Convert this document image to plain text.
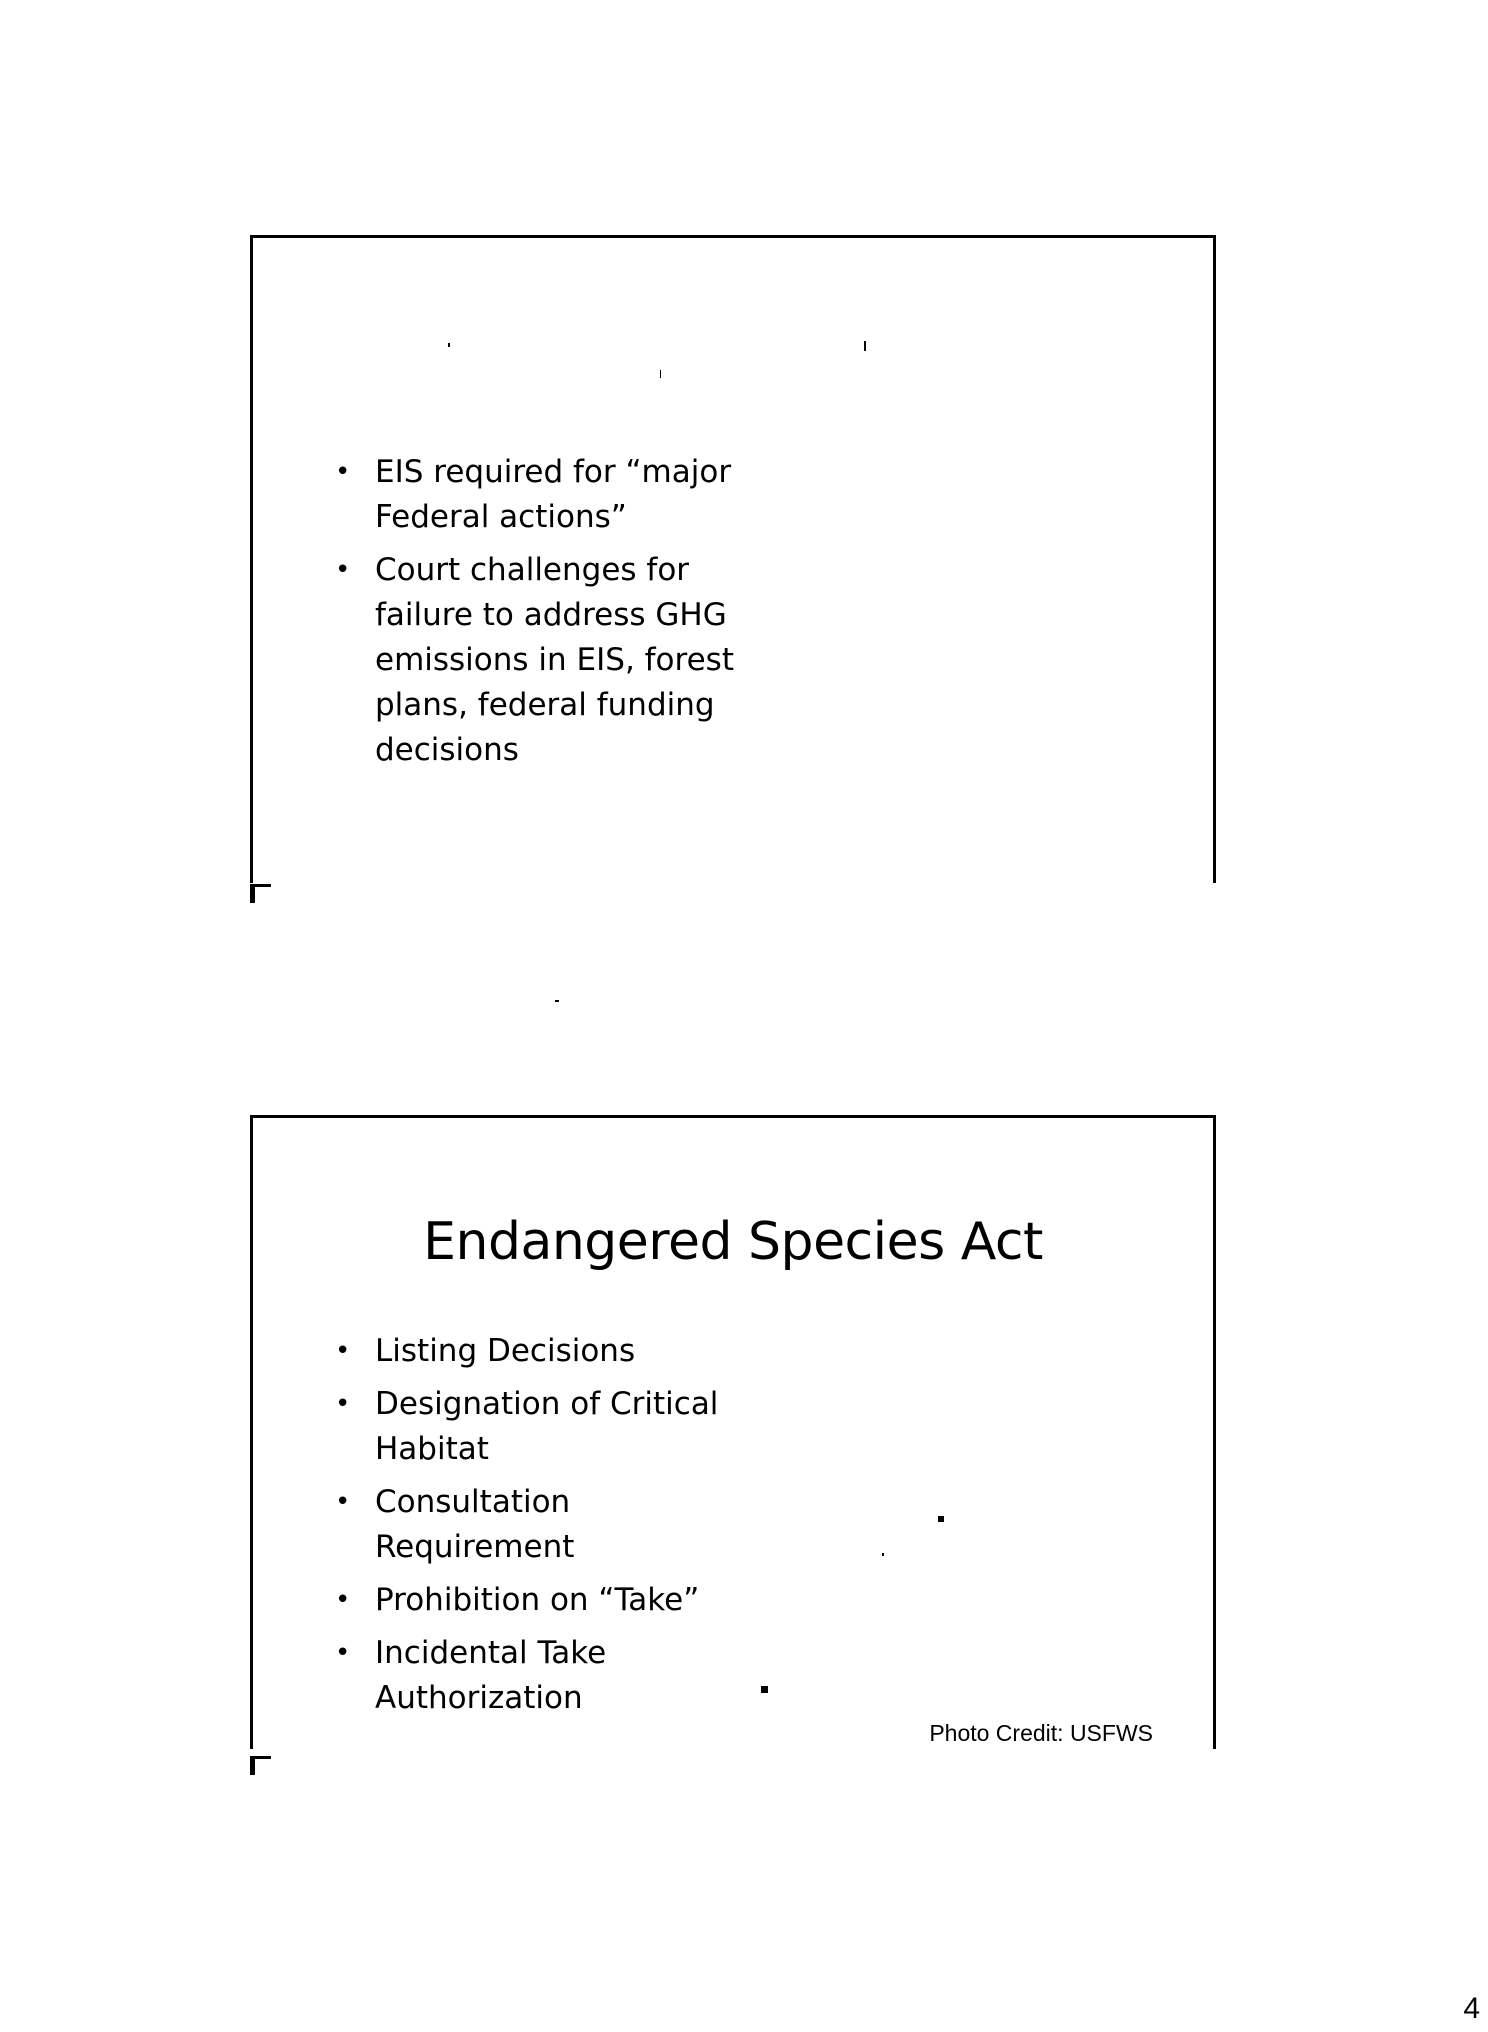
• EIS required for “major Federal actions”
• Court challenges for failure to address GHG emissions in EIS, forest plans, federal funding decisions
Endangered Species Act
• Listing Decisions
• Designation of Critical Habitat
• Consultation Requirement
• Prohibition on “Take”
• Incidental Take Authorization
Photo Credit: USFWS
4
